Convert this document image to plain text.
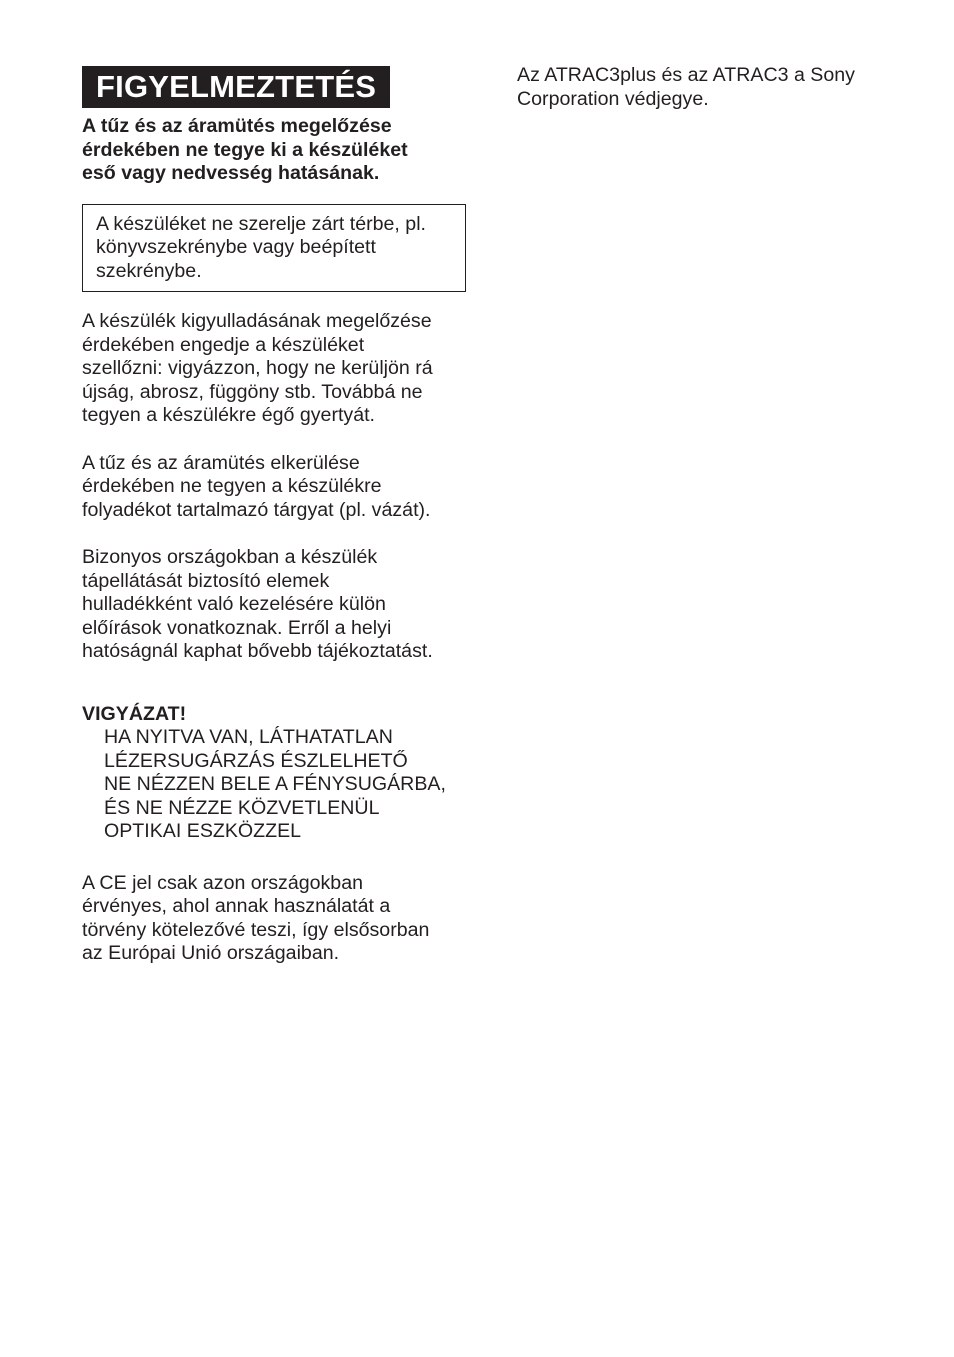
FIGYELMEZTETÉS
A tűz és az áramütés megelőzése
érdekében ne tegye ki a készüléket
eső vagy nedvesség hatásának.
A készüléket ne szerelje zárt térbe, pl.
könyvszekrénybe vagy beépített
szekrénybe.
A készülék kigyulladásának megelőzése
érdekében engedje a készüléket
szellőzni: vigyázzon, hogy ne kerüljön rá
újság, abrosz, függöny stb. Továbbá ne
tegyen a készülékre égő gyertyát.
A tűz és az áramütés elkerülése
érdekében ne tegyen a készülékre
folyadékot tartalmazó tárgyat (pl. vázát).
Bizonyos országokban a készülék
tápellátását biztosító elemek
hulladékként való kezelésére külön
előírások vonatkoznak. Erről a helyi
hatóságnál kaphat bővebb tájékoztatást.
VIGYÁZAT!
HA NYITVA VAN, LÁTHATATLAN
LÉZERSUGÁRZÁS ÉSZLELHETŐ
NE NÉZZEN BELE A FÉNYSUGÁRBA,
ÉS NE NÉZZE KÖZVETLENÜL
OPTIKAI ESZKÖZZEL
A CE jel csak azon országokban
érvényes, ahol annak használatát a
törvény kötelezővé teszi, így elsősorban
az Európai Unió országaiban.
Az ATRAC3plus és az ATRAC3 a Sony
Corporation védjegye.
